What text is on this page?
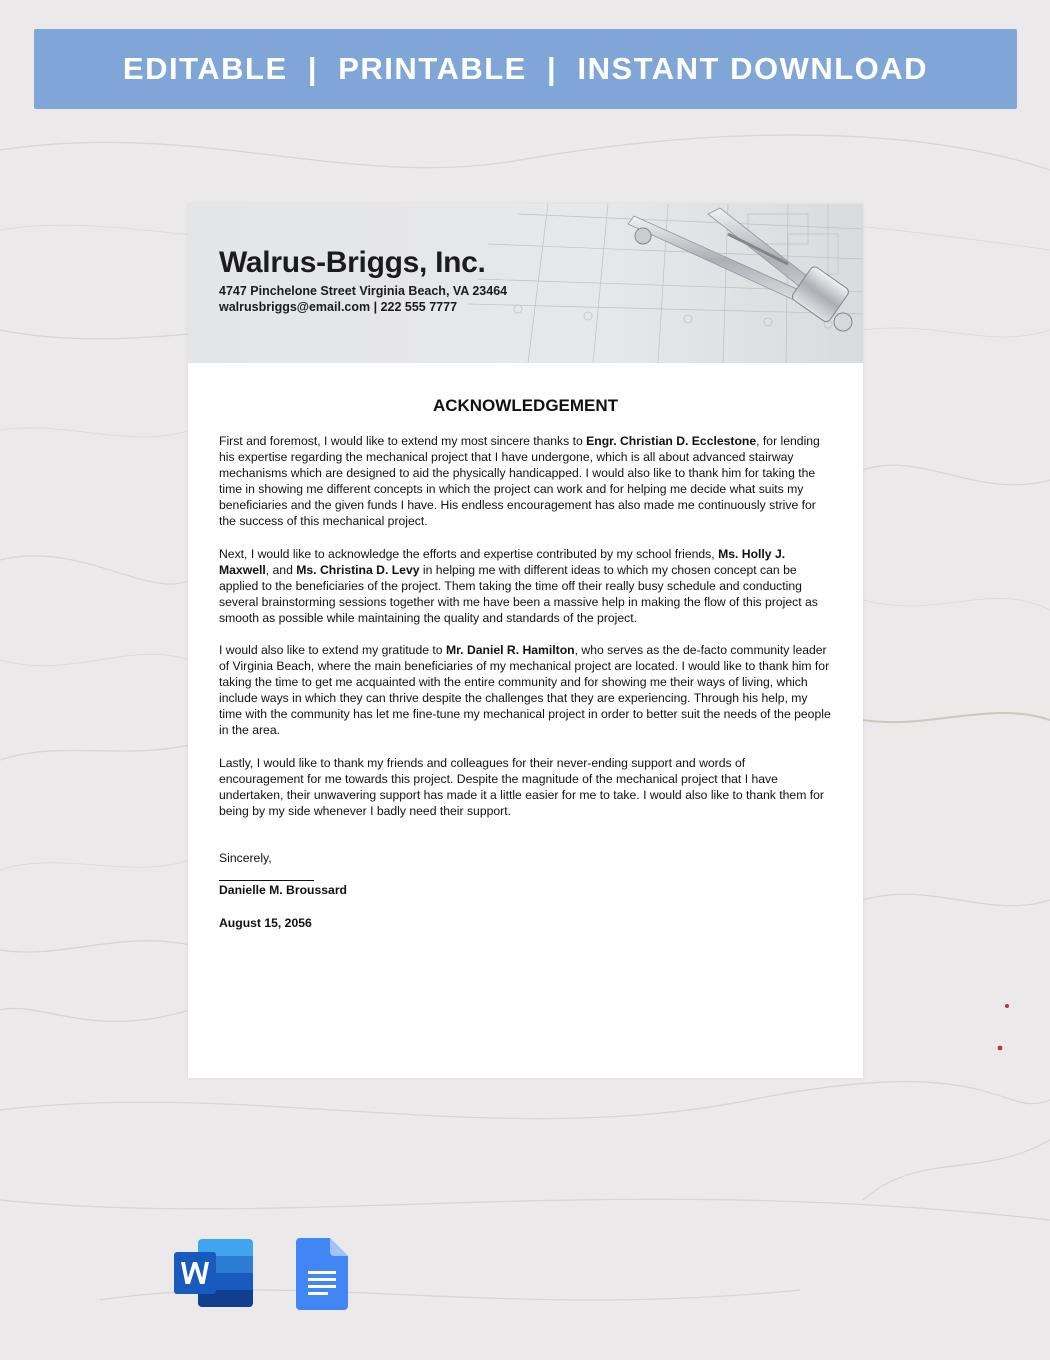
EDITABLE  |  PRINTABLE  |  INSTANT DOWNLOAD
Walrus-Briggs, Inc.
4747 Pinchelone Street Virginia Beach, VA 23464
walrusbriggs@email.com | 222 555 7777
ACKNOWLEDGEMENT
First and foremost, I would like to extend my most sincere thanks to Engr. Christian D. Ecclestone, for lending his expertise regarding the mechanical project that I have undergone, which is all about advanced stairway mechanisms which are designed to aid the physically handicapped. I would also like to thank him for taking the time in showing me different concepts in which the project can work and for helping me decide what suits my beneficiaries and the given funds I have. His endless encouragement has also made me continuously strive for the success of this mechanical project.
Next, I would like to acknowledge the efforts and expertise contributed by my school friends, Ms. Holly J. Maxwell, and Ms. Christina D. Levy in helping me with different ideas to which my chosen concept can be applied to the beneficiaries of the project. Them taking the time off their really busy schedule and conducting several brainstorming sessions together with me have been a massive help in making the flow of this project as smooth as possible while maintaining the quality and standards of the project.
I would also like to extend my gratitude to Mr. Daniel R. Hamilton, who serves as the de-facto community leader of Virginia Beach, where the main beneficiaries of my mechanical project are located. I would like to thank him for taking the time to get me acquainted with the entire community and for showing me their ways of living, which include ways in which they can thrive despite the challenges that they are experiencing. Through his help, my time with the community has let me fine-tune my mechanical project in order to better suit the needs of the people in the area.
Lastly, I would like to thank my friends and colleagues for their never-ending support and words of encouragement for me towards this project. Despite the magnitude of the mechanical project that I have undertaken, their unwavering support has made it a little easier for me to take. I would also like to thank them for being by my side whenever I badly need their support.
Sincerely,
Danielle M. Broussard
August 15, 2056
